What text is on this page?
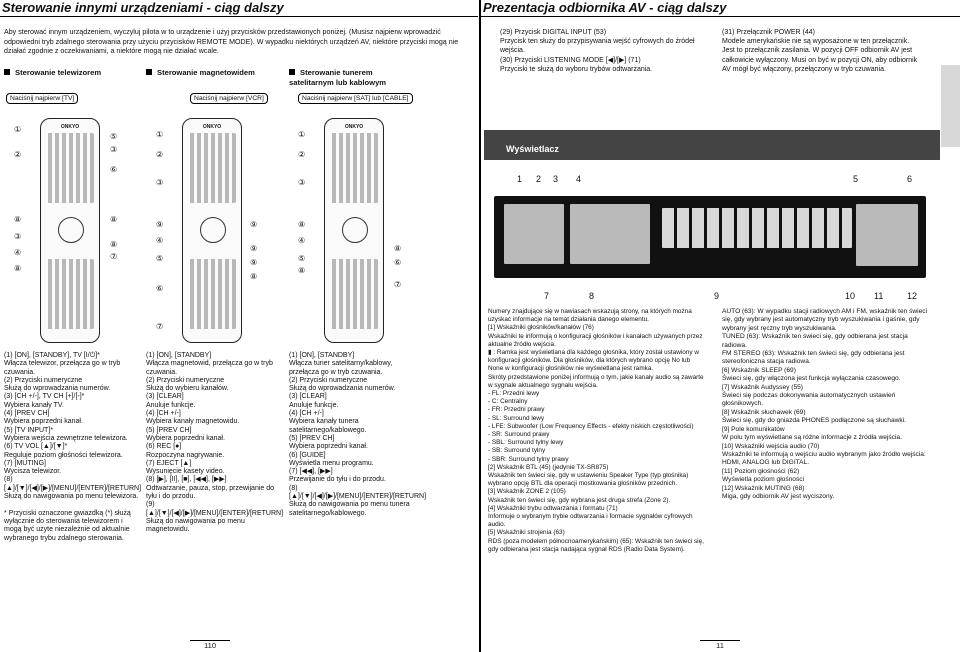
Sterowanie innymi urządzeniami - ciąg dalszy	Prezentacja odbiornika AV - ciąg dalszy
Aby sterować innym urządzeniem, wyczyluj pilota w to urządzenie i użyj przycisków przedstawionych poniżej. (Musisz najpierw wprowadzić odpowiedni tryb zdalnego sterowania przy użyciu przycisków REMOTE MODE). W wypadku niektórych urządzeń AV, niektóre przyciski mogą nie działać zgodnie z oczekiwaniami, a niektóre mogą nie działać wcale.
Sterowanie telewizorem	Sterowanie magnetowidem	Sterowanie tunerem satelitarnym lub kablowym
Naciśnij najpierw [TV]	Naciśnij najpierw [VCR]	Naciśnij najpierw [SAT] lub [CABLE]
ONKYO	ONKYO	ONKYO
①
②
⑤
③
⑥
⑧
③
④
⑧
⑧
⑧
⑦
①
②
③
⑨
④
⑤
⑥
⑦
⑨
⑨
⑨
⑧
①
②
③
⑧
④
⑤
⑧
⑧
⑥
⑦
(1) [ON], [STANDBY], TV [I/⏻]*
Włącza telewizor, przełącza go w tryb czuwania.
(2) Przyciski numeryczne
Służą do wprowadzania numerów.
(3) [CH +/-], TV CH [+]/[-]*
Wybiera kanały TV.
(4) [PREV CH]
Wybiera poprzedni kanał.
(5) [TV INPUT]*
Wybiera wejścia zewnętrzne telewizora.
(6) TV VOL [▲]/[▼]*
Reguluje poziom głośności telewizora.
(7) [MUTING]
Wycisza telewizor.
(8) [▲]/[▼]/[◀]/[▶]/[MENU]/[ENTER]/[RETURN]
Służą do nawigowania po menu telewizora.

* Przyciski oznaczone gwiazdką (*) służą wyłącznie do sterowania telewizorem i mogą być użyte niezależnie od aktualnie wybranego trybu zdalnego sterowania.
(1) [ON], [STANDBY]
Włącza magnetowid, przełącza go w tryb czuwania.
(2) Przyciski numeryczne
Służą do wybieru kanałów.
(3) [CLEAR]
Anuluje funkcje.
(4) [CH +/-]
Wybiera kanały magnetowidu.
(5) [PREV CH]
Wybiera poprzedni kanał.
(6) REC [●]
Rozpoczyna nagrywanie.
(7) EJECT [▲]
Wysunięcie kasety video.
(8) [▶], [II], [■], [◀◀], [▶▶]
Odtwarzanie, pauza, stop, przewijanie do tyłu i do przodu.
(9) [▲]/[▼]/[◀]/[▶]/[MENU]/[ENTER]/[RETURN]
Służą do nawigowania po menu magnetowidu.
(1) [ON], [STANDBY]
Włącza tuner satelitarny/kablowy, przełącza go w tryb czuwania.
(2) Przyciski numeryczne
Służą do wprowadzania numerów.
(3) [CLEAR]
Anuluje funkcje.
(4) [CH +/-]
Wybiera kanały tunera satelitarnego/kablowego.
(5) [PREV CH]
Wybiera poprzedni kanał.
(6) [GUIDE]
Wyświetla menu programu.
(7) [◀◀], [▶▶]
Przewijanie do tyłu i do przodu.
(8) [▲]/[▼]/[◀]/[▶]/[MENU]/[ENTER]/[RETURN]
Służą do nawigowania po menu tunera satelitarnego/kablowego.
110
(29) Przycisk DIGITAL INPUT (53)
Przycisk ten służy do przypisywania wejść cyfrowych do źródeł wejścia.
(30) Przyciski LISTENING MODE [◀]/[▶] (71)
Przyciski te służą do wyboru trybów odtwarzania.
(31) Przełącznik POWER (44)
Modele amerykańskie nie są wyposażone w ten przełącznik.
Jest to przełącznik zasilania. W pozycji OFF odbiornik AV jest całkowicie wyłączony. Musi on być w pozycji ON, aby odbiornik AV mógł być włączony, przełączony w tryb czuwania.
Wyświetlacz
1 2 3 4	5	6
7	8	9	10 11	12
Numery znajdujące się w nawiasach wskazują strony, na których można uzyskać informacje na temat działania danego elementu.
[1] Wskaźniki głośników/kanałów (76)
Wskaźniki te informują o konfiguracji głośników i kanałach używanych przez aktualne źródło wejścia.
▮ : Ramka jest wyświetlana dla każdego głośnika, który został ustawiony w konfiguracji głośników. Dla głośników, dla których wybrano opcję No lub None w konfiguracji głośników nie wyświetlana jest ramka.
Skróty przedstawione poniżej informują o tym, jakie kanały audio są zawarte w sygnale aktualnego sygnału wejścia.
- FL: Przedni lewy
- C: Centralny
- FR: Przedni prawy
- SL: Surround lewy
- LFE: Subwoofer (Low Frequency Effects - efekty niskich częstotliwości)
- SR: Surround prawy
- SBL: Surround tylny lewy
- SB: Surround tylny
- SBR: Surround tylny prawy
[2] Wskaźnik BTL (45) (jedynie TX-SR875)
Wskaźnik ten świeci się, gdy w ustawieniu Speaker Type (typ głośnika) wybrano opcję BTL dla operacji mostkowania głośników przednich.
[3] Wskaźnik ZONE 2 (105)
Wskaźnik ten świeci się, gdy wybrana jest druga strefa (Zone 2).
[4] Wskaźniki trybu odtwarzania i formatu (71)
Informuje o wybranym trybie odtwarzania i formacie sygnałów cyfrowych audio.
[5] Wskaźniki strojenia (63)
RDS (poza modelem północnoamerykańskim) (65): Wskaźnik ten świeci się, gdy odbierana jest stacja nadająca sygnał RDS (Radio Data System).
AUTO (63): W wypadku stacji radiowych AM i FM, wskaźnik ten świeci się, gdy wybrany jest automatyczny tryb wyszukiwania i gaśnie, gdy wybrany jest ręczny tryb wyszukiwania.
TUNED (63): Wskaźnik ten świeci się, gdy odbierana jest stacja radiowa.
FM STEREO (63): Wskaźnik ten świeci się, gdy odbierana jest stereofoniczna stacja radiowa.
[6] Wskaźnik SLEEP (69)
Świeci się, gdy włączona jest funkcja wyłączania czasowego.
[7] Wskaźnik Audyssey (55)
Świeci się podczas dokonywania automatycznych ustawień głośnikowych.
[8] Wskaźnik słuchawek (69)
Świeci się, gdy do gniazda PHONES podłączone są słuchawki.
[9] Pole komunikatów
W polu tym wyświetlane są różne informacje z źródła wejścia.
[10] Wskaźniki wejścia audio (70)
Wskaźniki te informują o wejściu audio wybranym jako źródło wejścia: HDMI, ANALOG lub DIGITAL.
[11] Poziom głośności (62)
Wyświetla poziom głośności
[12] Wskaźnik MUTING (68)
Miga, gdy odbiornik AV jest wyciszony.
11
